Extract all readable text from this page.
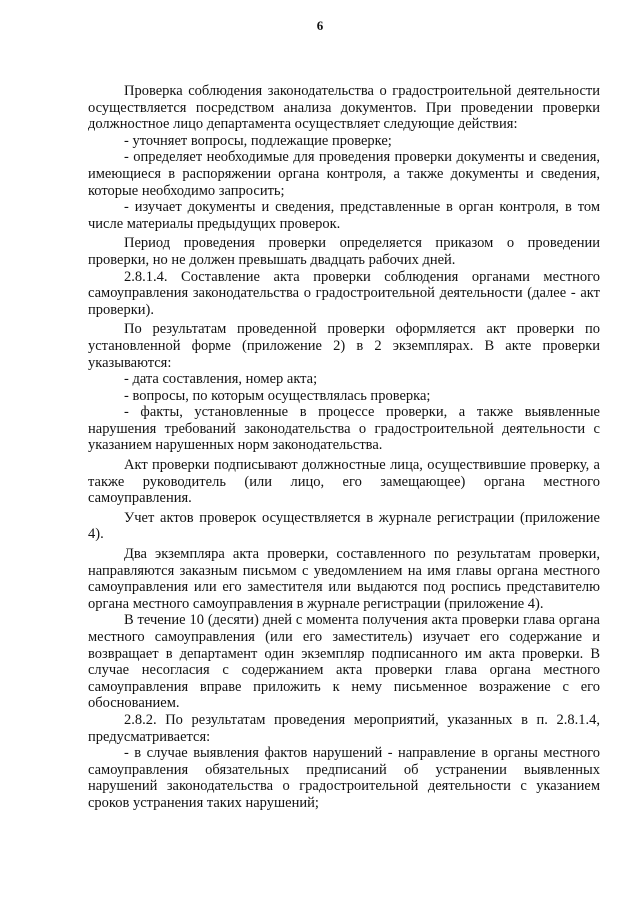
6

Проверка соблюдения законодательства о градостроительной деятельности осуществляется посредством анализа документов. При проведении проверки должностное лицо департамента осуществляет следующие действия:

- уточняет вопросы, подлежащие проверке;

- определяет необходимые для проведения проверки документы и сведения, имеющиеся в распоряжении органа контроля, а также документы и сведения, которые необходимо запросить;

- изучает документы и сведения, представленные в орган контроля, в том числе материалы предыдущих проверок.

Период проведения проверки определяется приказом о проведении проверки, но не должен превышать двадцать рабочих дней.

2.8.1.4. Составление акта проверки соблюдения органами местного самоуправления законодательства о градостроительной деятельности (далее - акт проверки).

По результатам проведенной проверки оформляется акт проверки по установленной форме (приложение 2) в 2 экземплярах. В акте проверки указываются:

- дата составления, номер акта;

- вопросы, по которым осуществлялась проверка;

- факты, установленные в процессе проверки, а также выявленные нарушения требований законодательства о градостроительной деятельности с указанием нарушенных норм законодательства.

Акт проверки подписывают должностные лица, осуществившие проверку, а также руководитель (или лицо, его замещающее) органа местного самоуправления.

Учет актов проверок осуществляется в журнале регистрации (приложение 4).

Два экземпляра акта проверки, составленного по результатам проверки, направляются заказным письмом с уведомлением на имя главы органа местного самоуправления или его заместителя или выдаются под роспись представителю органа местного самоуправления в журнале регистрации (приложение 4).

В течение 10 (десяти) дней с момента получения акта проверки глава органа местного самоуправления (или его заместитель) изучает его содержание и возвращает в департамент один экземпляр подписанного им акта проверки. В случае несогласия с содержанием акта проверки глава органа местного самоуправления вправе приложить к нему письменное возражение с его обоснованием.

2.8.2. По результатам проведения мероприятий, указанных в п. 2.8.1.4, предусматривается:

- в случае выявления фактов нарушений - направление в органы местного самоуправления обязательных предписаний об устранении выявленных нарушений законодательства о градостроительной деятельности с указанием сроков устранения таких нарушений;
